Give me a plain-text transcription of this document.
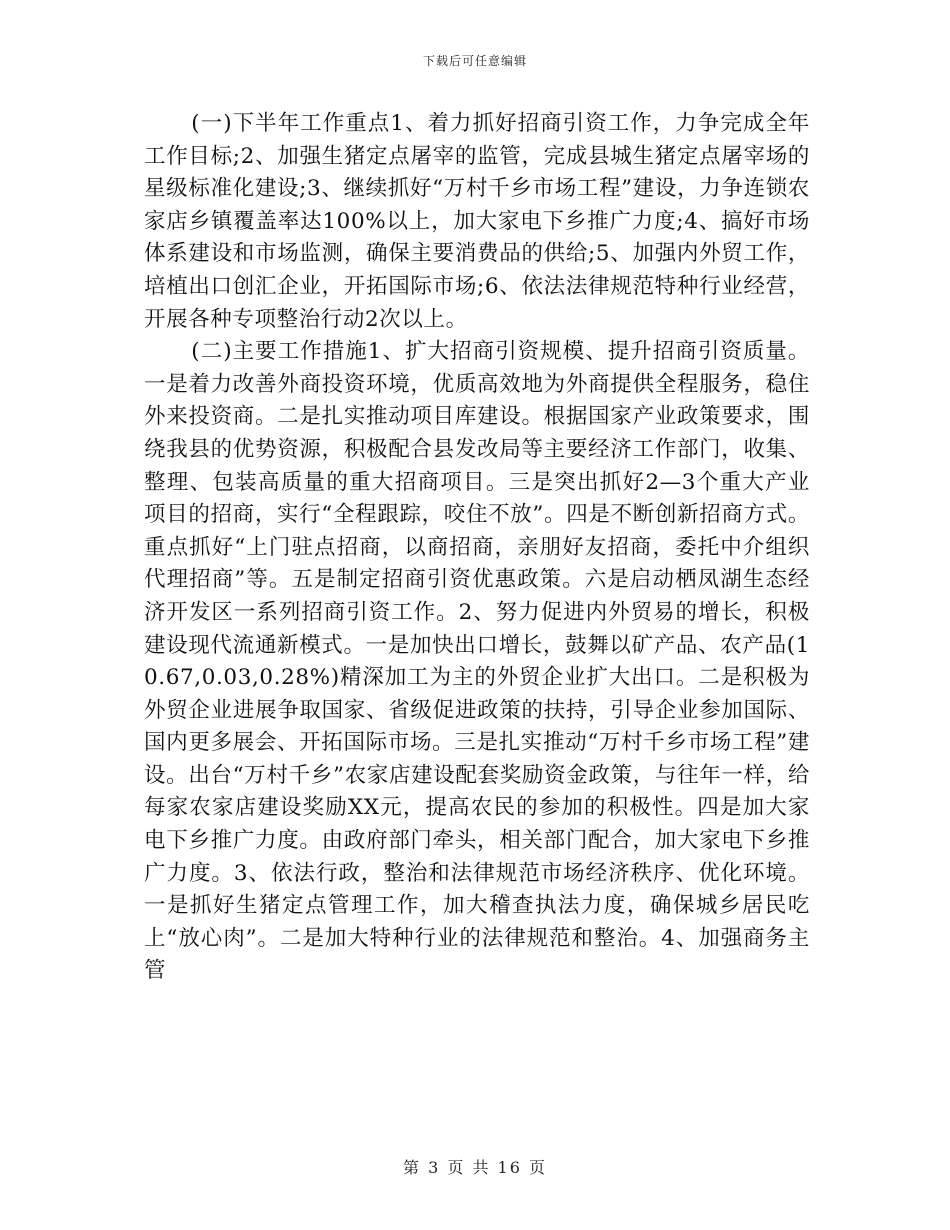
下载后可任意编辑

(一)下半年工作重点1、着力抓好招商引资工作，力争完成全年工作目标;2、加强生猪定点屠宰的监管，完成县城生猪定点屠宰场的星级标准化建设;3、继续抓好“万村千乡市场工程”建设，力争连锁农家店乡镇覆盖率达100%以上，加大家电下乡推广力度;4、搞好市场体系建设和市场监测，确保主要消费品的供给;5、加强内外贸工作，培植出口创汇企业，开拓国际市场;6、依法法律规范特种行业经营，开展各种专项整治行动2次以上。

(二)主要工作措施1、扩大招商引资规模、提升招商引资质量。一是着力改善外商投资环境，优质高效地为外商提供全程服务，稳住外来投资商。二是扎实推动项目库建设。根据国家产业政策要求，围绕我县的优势资源，积极配合县发改局等主要经济工作部门，收集、整理、包装高质量的重大招商项目。三是突出抓好2—3个重大产业项目的招商，实行“全程跟踪，咬住不放”。四是不断创新招商方式。重点抓好“上门驻点招商，以商招商，亲朋好友招商，委托中介组织代理招商”等。五是制定招商引资优惠政策。六是启动栖凤湖生态经济开发区一系列招商引资工作。2、努力促进内外贸易的增长，积极建设现代流通新模式。一是加快出口增长，鼓舞以矿产品、农产品(10.67,0.03,0.28%)精深加工为主的外贸企业扩大出口。二是积极为外贸企业进展争取国家、省级促进政策的扶持，引导企业参加国际、国内更多展会、开拓国际市场。三是扎实推动“万村千乡市场工程”建设。出台“万村千乡”农家店建设配套奖励资金政策，与往年一样，给每家农家店建设奖励XX元，提高农民的参加的积极性。四是加大家电下乡推广力度。由政府部门牵头，相关部门配合，加大家电下乡推广力度。3、依法行政，整治和法律规范市场经济秩序、优化环境。一是抓好生猪定点管理工作，加大稽查执法力度，确保城乡居民吃上“放心肉”。二是加大特种行业的法律规范和整治。4、加强商务主管

第 3 页 共 16 页
